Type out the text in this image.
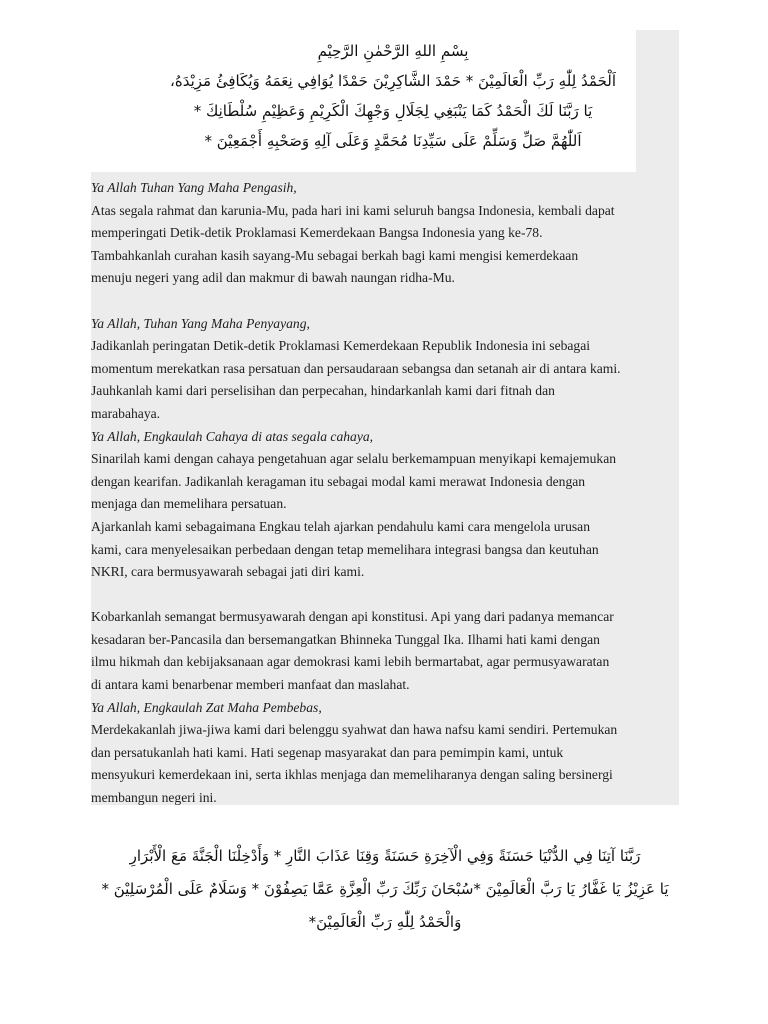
بِسْمِ اللهِ الرَّحْمٰنِ الرَّحِيْمِ
اَلْحَمْدُ لِلّٰهِ رَبِّ الْعَالَمِيْنَ * حَمْدَ الشَّاكِرِيْنَ حَمْدًا يُوَافِي نِعَمَهُ وَيُكَافِئُ مَزِيْدَهُ،
يَا رَبَّنَا لَكَ الْحَمْدُ كَمَا يَنْبَغِي لِجَلَالِ وَجْهِكَ الْكَرِيْمِ وَعَظِيْمِ سُلْطَانِكَ *
اَللّٰهُمَّ صَلِّ وَسَلِّمْ عَلَى سَيِّدِنَا مُحَمَّدٍ وَعَلَى آلِهِ وَصَحْبِهِ أَجْمَعِيْنَ *
Ya Allah Tuhan Yang Maha Pengasih,
Atas segala rahmat dan karunia-Mu, pada hari ini kami seluruh bangsa Indonesia, kembali dapat
memperingati Detik-detik Proklamasi Kemerdekaan Bangsa Indonesia yang ke-78.
Tambahkanlah curahan kasih sayang-Mu sebagai berkah bagi kami mengisi kemerdekaan
menuju negeri yang adil dan makmur di bawah naungan ridha-Mu.
Ya Allah, Tuhan Yang Maha Penyayang,
Jadikanlah peringatan Detik-detik Proklamasi Kemerdekaan Republik Indonesia ini sebagai
momentum merekatkan rasa persatuan dan persaudaraan sebangsa dan setanah air di antara kami.
Jauhkanlah kami dari perselisihan dan perpecahan, hindarkanlah kami dari fitnah dan
marabahaya.
Ya Allah, Engkaulah Cahaya di atas segala cahaya,
Sinarilah kami dengan cahaya pengetahuan agar selalu berkemampuan menyikapi kemajemukan
dengan kearifan. Jadikanlah keragaman itu sebagai modal kami merawat Indonesia dengan
menjaga dan memelihara persatuan.
Ajarkanlah kami sebagaimana Engkau telah ajarkan pendahulu kami cara mengelola urusan
kami, cara menyelesaikan perbedaan dengan tetap memelihara integrasi bangsa dan keutuhan
NKRI, cara bermusyawarah sebagai jati diri kami.
Kobarkanlah semangat bermusyawarah dengan api konstitusi. Api yang dari padanya memancar
kesadaran ber-Pancasila dan bersemangatkan Bhinneka Tunggal Ika. Ilhami hati kami dengan
ilmu hikmah dan kebijaksanaan agar demokrasi kami lebih bermartabat, agar permusyawaratan
di antara kami benarbenar memberi manfaat dan maslahat.
Ya Allah, Engkaulah Zat Maha Pembebas,
Merdekakanlah jiwa-jiwa kami dari belenggu syahwat dan hawa nafsu kami sendiri. Pertemukan
dan persatukanlah hati kami. Hati segenap masyarakat dan para pemimpin kami, untuk
mensyukuri kemerdekaan ini, serta ikhlas menjaga dan memeliharanya dengan saling bersinergi
membangun negeri ini.
رَبَّنَا آتِنَا فِي الدُّنْيَا حَسَنَةً وَفِي الْآخِرَةِ حَسَنَةً وَقِنَا عَذَابَ النَّارِ * وَأَدْخِلْنَا الْجَنَّةَ مَعَ الْأَبْرَارِ
يَا عَزِيْزُ يَا غَفَّارُ يَا رَبَّ الْعَالَمِيْنَ *سُبْحَانَ رَبِّكَ رَبِّ الْعِزَّةِ عَمَّا يَصِفُوْنَ * وَسَلَامٌ عَلَى الْمُرْسَلِيْنَ *
وَالْحَمْدُ لِلّٰهِ رَبِّ الْعَالَمِيْنَ*
